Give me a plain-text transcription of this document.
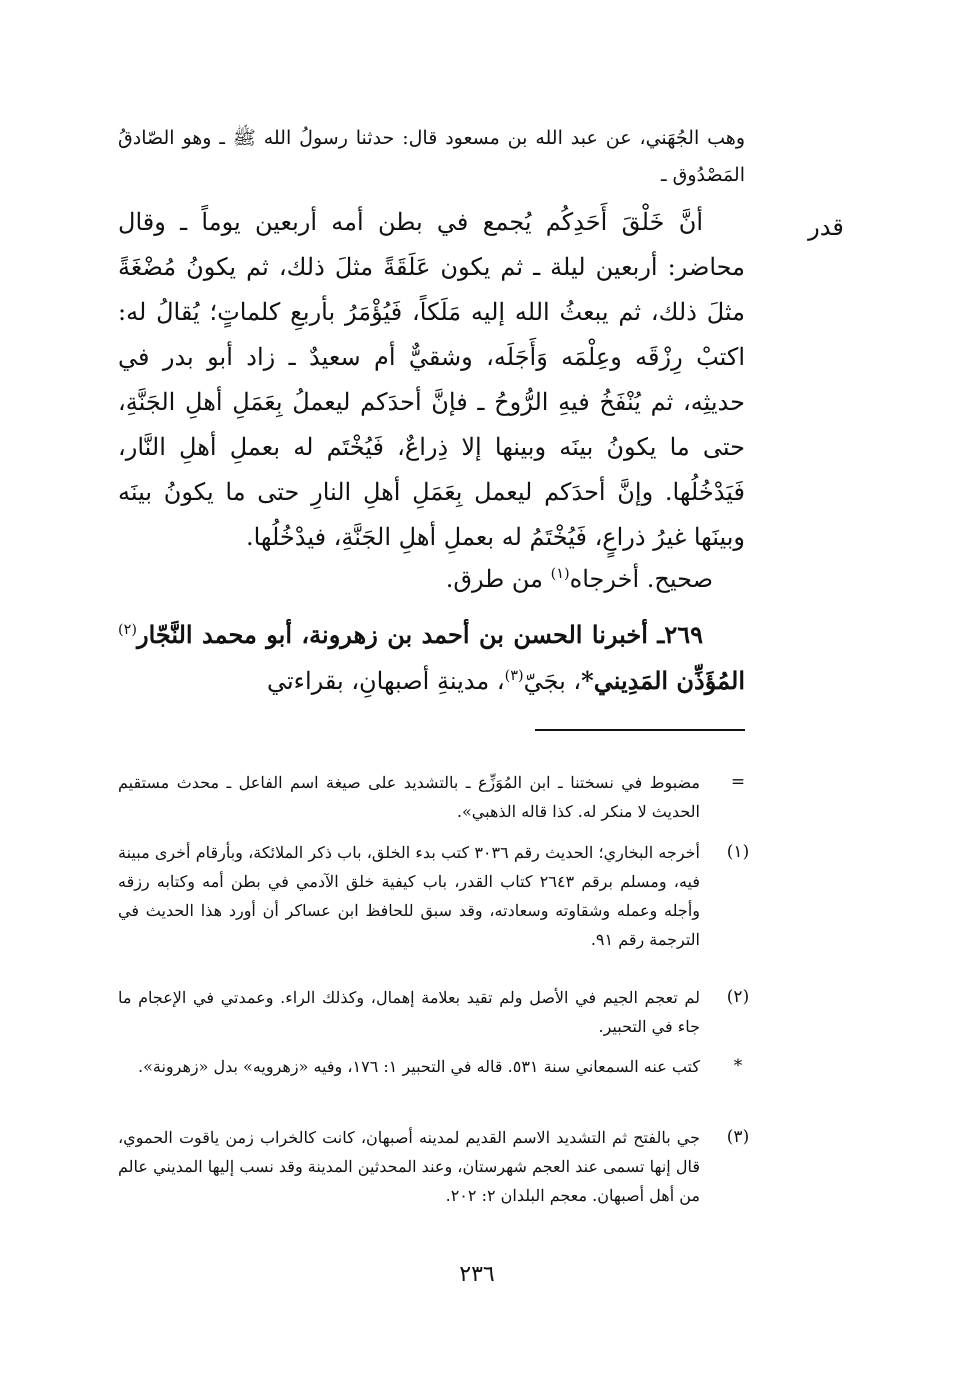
وهب الجُهَني، عن عبد الله بن مسعود قال: حدثنا رسولُ الله ﷺ ـ وهو الصّادقُ المَصْدُوق ـ
قدر
أنَّ خَلْقَ أَحَدِكُم يُجمع في بطن أمه أربعين يوماً ـ وقال محاضر: أربعين ليلة ـ ثم يكون عَلَقَةً مثلَ ذلك، ثم يكونُ مُضْغَةً مثلَ ذلك، ثم يبعثُ الله إليه مَلَكاً، فَيُؤْمَرُ بأربعِ كلماتٍ؛ يُقالُ له: اكتبْ رِزْقَه وعِلْمَه وَأَجَلَه، وشقيٌّ أم سعيدٌ ـ زاد أبو بدر في حديثِه، ثم يُنْفَخُ فيهِ الرُّوحُ ـ فإنَّ أحدَكم ليعملُ بِعَمَلِ أهلِ الجَنَّةِ، حتى ما يكونُ بينَه وبينها إلا ذِراعٌ، فَيُخْتَم له بعملِ أهلِ النَّار، فَيَدْخُلُها. وإنَّ أحدَكم ليعمل بِعَمَلِ أهلِ النارِ حتى ما يكونُ بينَه وبينَها غيرُ ذراعٍ، فَيُخْتَمُ له بعملِ أهلِ الجَنَّةِ، فيدْخُلُها.
صحيح. أخرجاه$^{(١)}$ من طرق.
٢٦٩ـ أخبرنا الحسن بن أحمد بن زهرونة، أبو محمد النَّجّار$^{(٢)}$ المُؤَذِّن المَدِيني*، بجَيّ$^{(٣)}$، مدينةِ أصبهانِ، بقراءتي
=
مضبوط في نسختنا ـ ابن المُوَزِّع ـ بالتشديد على صيغة اسم الفاعل ـ محدث مستقيم الحديث لا منكر له. كذا قاله الذهبي».
(١)
أخرجه البخاري؛ الحديث رقم ٣٠٣٦ كتب بدء الخلق، باب ذكر الملائكة، وبأرقام أخرى مبينة فيه، ومسلم برقم ٢٦٤٣ كتاب القدر، باب كيفية خلق الآدمي في بطن أمه وكتابه رزقه وأجله وعمله وشقاوته وسعادته، وقد سبق للحافظ ابن عساكر أن أورد هذا الحديث في الترجمة رقم ٩١.
(٢)
لم تعجم الجيم في الأصل ولم تقيد بعلامة إهمال، وكذلك الراء. وعمدتي في الإعجام ما جاء في التحبير.
*
كتب عنه السمعاني سنة ٥٣١. قاله في التحبير ١: ١٧٦، وفيه «زهرويه» بدل «زهرونة».
(٣)
جي بالفتح ثم التشديد الاسم القديم لمدينه أصبهان، كانت كالخراب زمن ياقوت الحموي، قال إنها تسمى عند العجم شهرستان، وعند المحدثين المدينة وقد نسب إليها المديني عالم من أهل أصبهان. معجم البلدان ٢: ٢٠٢.
٢٣٦
